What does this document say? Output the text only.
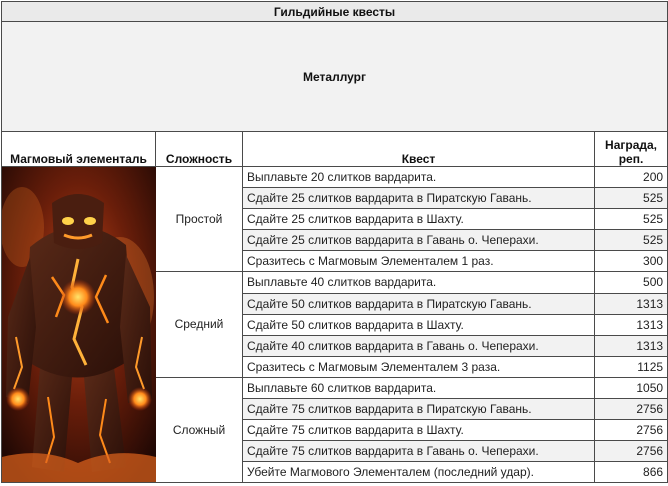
Гильдийные квесты			
Металлург			
Магмовый элементаль	Сложность	Квест	Награда, реп.

	Простой	Выплавьте 20 слитков вардарита.	200
		Сдайте 25 слитков вардарита в Пиратскую Гавань.	525
		Сдайте 25 слитков вардарита в Шахту.	525
		Сдайте 25 слитков вардарита в Гавань о. Чеперахи.	525
		Сразитесь с Магмовым Элементалем 1 раз.	300
	Средний	Выплавьте 40 слитков вардарита.	500
		Сдайте 50 слитков вардарита в Пиратскую Гавань.	1313
		Сдайте 50 слитков вардарита в Шахту.	1313
		Сдайте 40 слитков вардарита в Гавань о. Чеперахи.	1313
		Сразитесь с Магмовым Элементалем 3 раза.	1125
	Сложный	Выплавьте 60 слитков вардарита.	1050
		Сдайте 75 слитков вардарита в Пиратскую Гавань.	2756
		Сдайте 75 слитков вардарита в Шахту.	2756
		Сдайте 75 слитков вардарита в Гавань о. Чеперахи.	2756
		Убейте Магмового Элементалем (последний удар).	866
